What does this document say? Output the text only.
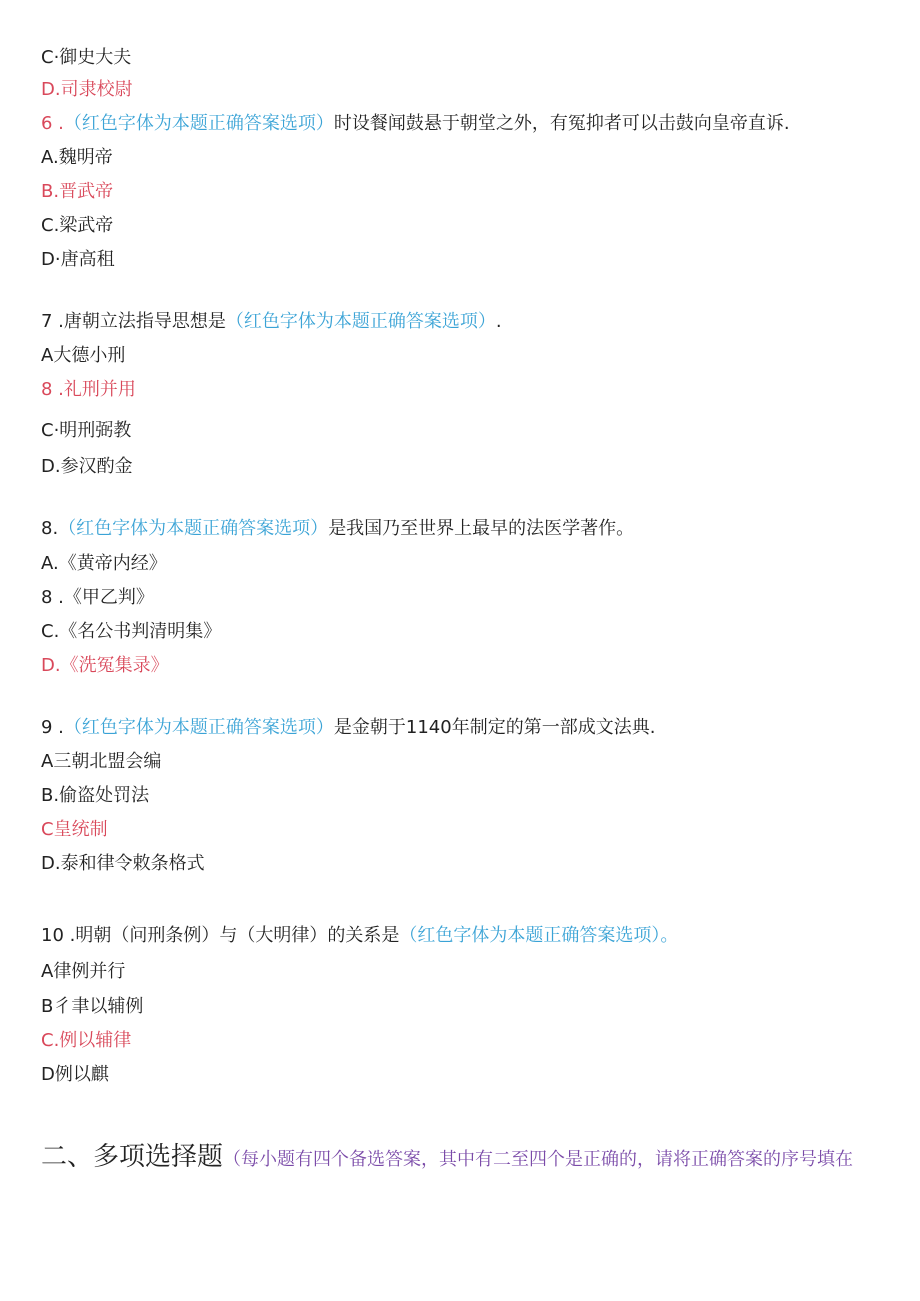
C·御史大夫
D.司隶校尉
6 .（红色字体为本题正确答案选项）时设餐闻鼓悬于朝堂之外，有冤抑者可以击鼓向皇帝直诉.
A.魏明帝
B.晋武帝
C.梁武帝
D·唐高租
7 .唐朝立法指导思想是（红色字体为本题正确答案选项）.
A大德小刑
8 .礼刑并用
C·明刑弼教
D.参汉酌金
8.（红色字体为本题正确答案选项）是我国乃至世界上最早的法医学著作。
A.《黄帝内经》
8 .《甲乙判》
C.《名公书判清明集》
D.《洗冤集录》
9 .（红色字体为本题正确答案选项）是金朝于1140年制定的第一部成文法典.
A三朝北盟会编
B.偷盗处罚法
C皇统制
D.泰和律令敕条格式
10 .明朝（问刑条例）与（大明律）的关系是（红色字体为本题正确答案选项）。
A律例并行
B彳聿以辅例
C.例以辅律
D例以麒
二、多项选择题（每小题有四个备选答案，其中有二至四个是正确的，请将正确答案的序号填在
